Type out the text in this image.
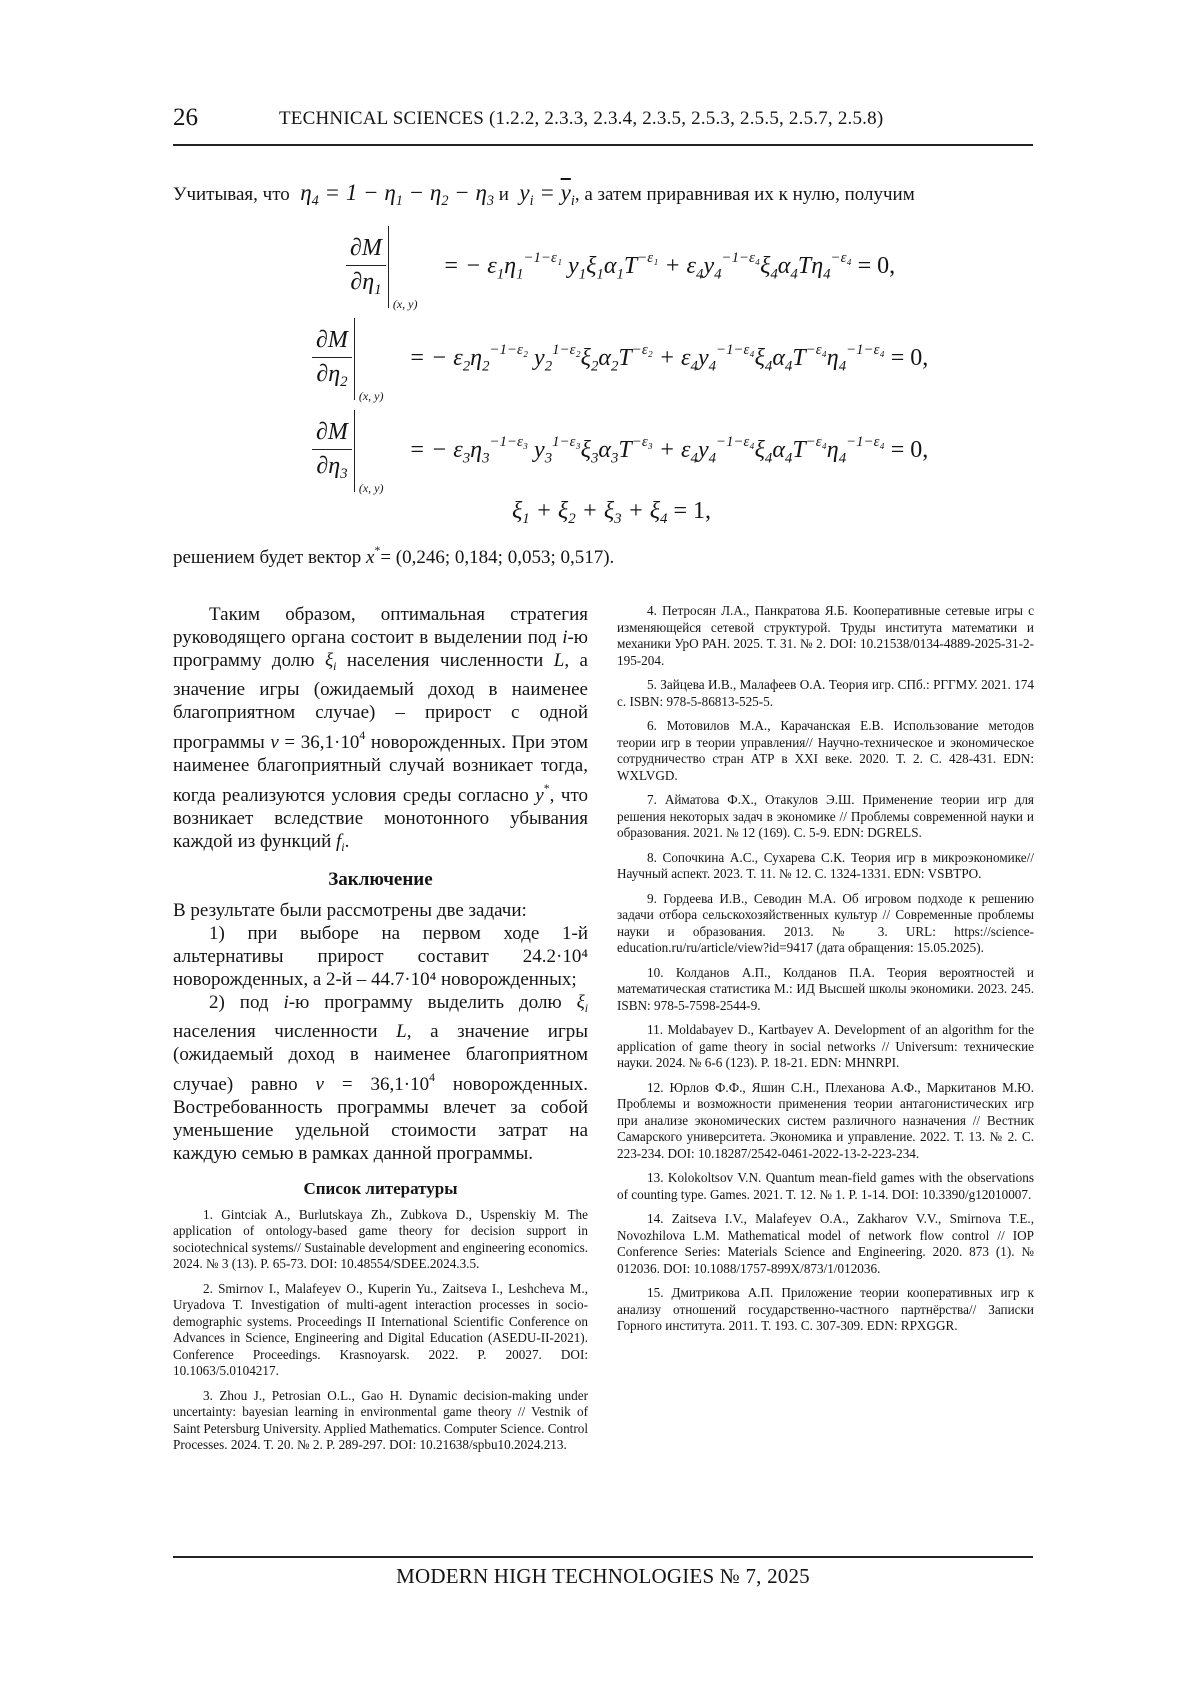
26	TECHNICAL SCIENCES (1.2.2, 2.3.3, 2.3.4, 2.3.5, 2.5.3, 2.5.5, 2.5.7, 2.5.8)
Учитывая, что  $\eta_4 = 1 - \eta_1 - \eta_2 - \eta_3$ и  $y_i = \overline{y}_i$, а затем приравнивая их к нулю, получим
$\frac{\partial M}{\partial\eta_1}$
(x, y)
= − $\varepsilon_1\eta_1^{-1-\varepsilon_1}$ $y_1\xi_1\alpha_1T^{-\varepsilon_1} + \varepsilon_4y_4^{-1-\varepsilon_4}\xi_4\alpha_4T\eta_4^{-\varepsilon_4} = 0$,
$\frac{\partial M}{\partial\eta_2}$
(x, y)
= − $\varepsilon_2\eta_2^{-1-\varepsilon_2}$ $y_2^{1-\varepsilon_2}\xi_2\alpha_2T^{-\varepsilon_2} + \varepsilon_4y_4^{-1-\varepsilon_4}\xi_4\alpha_4T^{-\varepsilon_4}\eta_4^{-1-\varepsilon_4} = 0$,
$\frac{\partial M}{\partial\eta_3}$
(x, y)
= − $\varepsilon_3\eta_3^{-1-\varepsilon_3}$ $y_3^{1-\varepsilon_3}\xi_3\alpha_3T^{-\varepsilon_3} + \varepsilon_4y_4^{-1-\varepsilon_4}\xi_4\alpha_4T^{-\varepsilon_4}\eta_4^{-1-\varepsilon_4} = 0$,
$\xi_1 + \xi_2 + \xi_3 + \xi_4 = 1$,
решением будет вектор x*= (0,246; 0,184; 0,053; 0,517).

Таким образом, оптимальная стратегия руководящего органа состоит в выделении под i-ю программу долю $\xi_i$ населения численности L, а значение игры (ожидаемый доход в наименее благоприятном случае) – прирост с одной программы $v = 36,1\cdot 10^4$ новорожденных. При этом наименее благоприятный случай возникает тогда, когда реализуются условия среды согласно y*, что возникает вследствие монотонного убывания каждой из функций $f_i$.

Заключение

В результате были рассмотрены две задачи:

1) при выборе на первом ходе 1-й альтернативы прирост составит 24.2·10⁴ новорожденных, а 2-й – 44.7·10⁴ новорожденных;

2) под i-ю программу выделить долю $\xi_i$ населения численности L, а значение игры (ожидаемый доход в наименее благоприятном случае) равно $v = 36,1\cdot 10^4$ новорожденных. Востребованность программы влечет за собой уменьшение удельной стоимости затрат на каждую семью в рамках данной программы.

Список литературы

1. Gintciak A., Burlutskaya Zh., Zubkova D., Uspenskiy M. The application of ontology-based game theory for decision support in sociotechnical systems// Sustainable development and engineering economics. 2024. № 3 (13). P. 65-73. DOI: 10.48554/SDEE.2024.3.5.

2. Smirnov I., Malafeyev O., Kuperin Yu., Zaitseva I., Leshcheva M., Uryadova T. Investigation of multi-agent interaction processes in socio-demographic systems. Proceedings II International Scientific Conference on Advances in Science, Engineering and Digital Education (ASEDU-II-2021). Conference Proceedings. Krasnoyarsk. 2022. P. 20027. DOI: 10.1063/5.0104217.

3. Zhou J., Petrosian O.L., Gao H. Dynamic decision-making under uncertainty: bayesian learning in environmental game theory // Vestnik of Saint Petersburg University. Applied Mathematics. Computer Science. Control Processes. 2024. T. 20. № 2. P. 289-297. DOI: 10.21638/spbu10.2024.213.

4. Петросян Л.А., Панкратова Я.Б. Кооперативные сетевые игры с изменяющейся сетевой структурой. Труды института математики и механики УрО РАН. 2025. Т. 31. № 2. DOI: 10.21538/0134-4889-2025-31-2-195-204.

5. Зайцева И.В., Малафеев О.А. Теория игр. СПб.: РГГМУ. 2021. 174 с. ISBN: 978-5-86813-525-5.

6. Мотовилов М.А., Карачанская Е.В. Использование методов теории игр в теории управления// Научно-техническое и экономическое сотрудничество стран АТР в XXI веке. 2020. Т. 2. С. 428-431. EDN: WXLVGD.

7. Айматова Ф.Х., Отакулов Э.Ш. Применение теории игр для решения некоторых задач в экономике // Проблемы современной науки и образования. 2021. № 12 (169). С. 5-9. EDN: DGRELS.

8. Сопочкина А.С., Сухарева С.К. Теория игр в микроэкономике// Научный аспект. 2023. Т. 11. № 12. С. 1324-1331. EDN: VSBTPO.

9. Гордеева И.В., Севодин М.А. Об игровом подходе к решению задачи отбора сельскохозяйственных культур // Современные проблемы науки и образования. 2013. № 3. URL: https://science-education.ru/ru/article/view?id=9417 (дата обращения: 15.05.2025).

10. Колданов А.П., Колданов П.А. Теория вероятностей и математическая статистика М.: ИД Высшей школы экономики. 2023. 245. ISBN: 978-5-7598-2544-9.

11. Moldabayev D., Kartbayev A. Development of an algorithm for the application of game theory in social networks // Universum: технические науки. 2024. № 6-6 (123). P. 18-21. EDN: MHNRPI.

12. Юрлов Ф.Ф., Яшин С.Н., Плеханова А.Ф., Маркитанов М.Ю. Проблемы и возможности применения теории антагонистических игр при анализе экономических систем различного назначения // Вестник Самарского университета. Экономика и управление. 2022. Т. 13. № 2. С. 223-234. DOI: 10.18287/2542-0461-2022-13-2-223-234.

13. Kolokoltsov V.N. Quantum mean-field games with the observations of counting type. Games. 2021. T. 12. № 1. P. 1-14. DOI: 10.3390/g12010007.

14. Zaitseva I.V., Malafeyev O.A., Zakharov V.V., Smirnova T.E., Novozhilova L.M. Mathematical model of network flow control // IOP Conference Series: Materials Science and Engineering. 2020. 873 (1). № 012036. DOI: 10.1088/1757-899X/873/1/012036.

15. Дмитрикова А.П. Приложение теории кооперативных игр к анализу отношений государственно-частного партнёрства// Записки Горного института. 2011. Т. 193. С. 307-309. EDN: RPXGGR.

MODERN HIGH TECHNOLOGIES № 7, 2025
